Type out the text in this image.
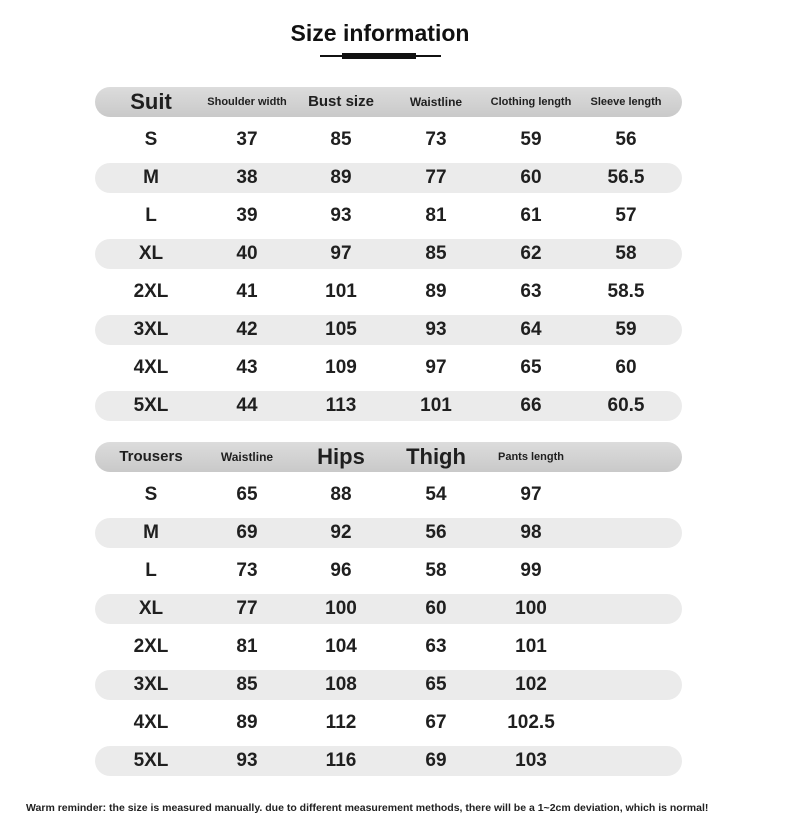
Size information
Suit	Shoulder width	Bust size	Waistline	Clothing length	Sleeve length
S	37	85	73	59	56
M	38	89	77	60	56.5
L	39	93	81	61	57
XL	40	97	85	62	58
2XL	41	101	89	63	58.5
3XL	42	105	93	64	59
4XL	43	109	97	65	60
5XL	44	113	101	66	60.5
Trousers	Waistline	Hips	Thigh	Pants length
S	65	88	54	97
M	69	92	56	98
L	73	96	58	99
XL	77	100	60	100
2XL	81	104	63	101
3XL	85	108	65	102
4XL	89	112	67	102.5
5XL	93	116	69	103
Warm reminder: the size is measured manually. due to different measurement methods, there will be a 1~2cm deviation, which is normal!
